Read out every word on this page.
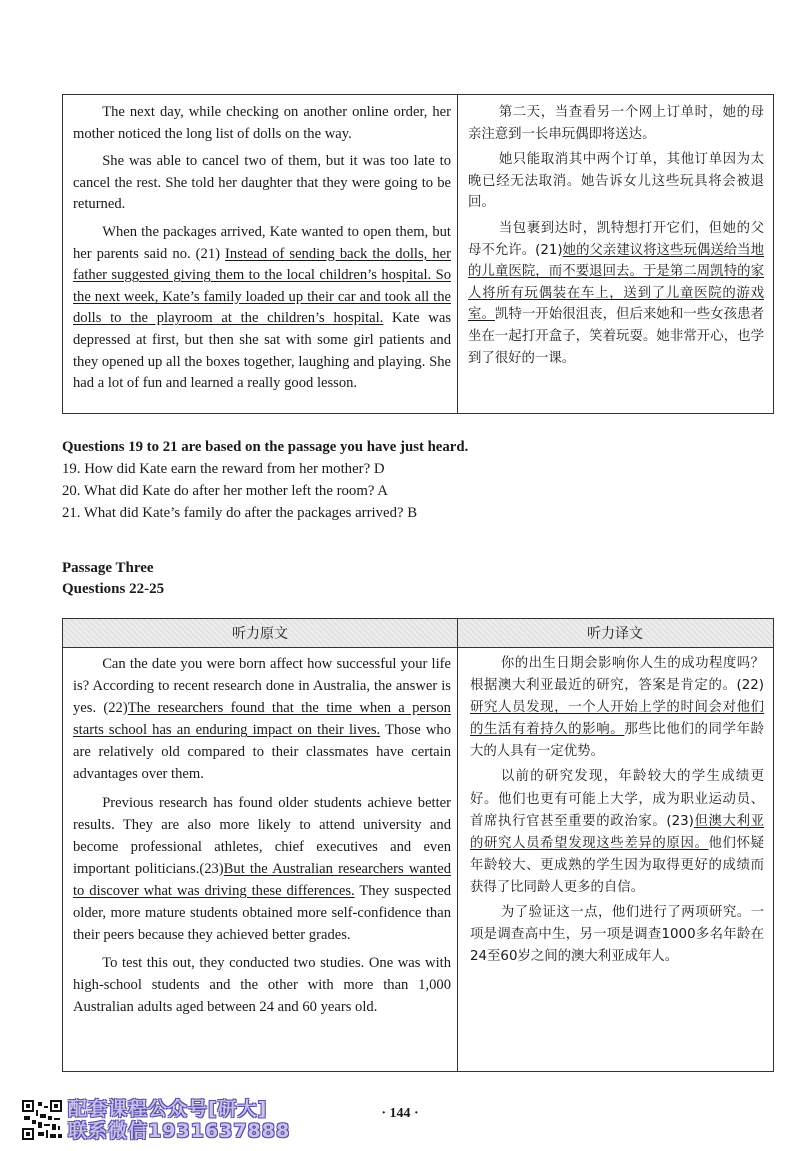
The next day, while checking on another online order, her mother noticed the long list of dolls on the way.

She was able to cancel two of them, but it was too late to cancel the rest. She told her daughter that they were going to be returned.

When the packages arrived, Kate wanted to open them, but her parents said no. (21) Instead of sending back the dolls, her father suggested giving them to the local children’s hospital. So the next week, Kate’s family loaded up their car and took all the dolls to the playroom at the children’s hospital. Kate was depressed at first, but then she sat with some girl patients and they opened up all the boxes together, laughing and playing. She had a lot of fun and learned a really good lesson.

第二天，当查看另一个网上订单时，她的母亲注意到一长串玩偶即将送达。

她只能取消其中两个订单，其他订单因为太晚已经无法取消。她告诉女儿这些玩具将会被退回。

当包裹到达时，凯特想打开它们，但她的父母不允许。(21)她的父亲建议将这些玩偶送给当地的儿童医院，而不要退回去。于是第二周凯特的家人将所有玩偶装在车上，送到了儿童医院的游戏室。凯特一开始很沮丧，但后来她和一些女孩患者坐在一起打开盒子，笑着玩耍。她非常开心，也学到了很好的一课。

Questions 19 to 21 are based on the passage you have just heard.

19. How did Kate earn the reward from her mother? D

20. What did Kate do after her mother left the room? A

21. What did Kate’s family do after the packages arrived? B

Passage Three
Questions 22-25
听力原文	听力译文

Can the date you were born affect how successful your life is? According to recent research done in Australia, the answer is yes. (22)The researchers found that the time when a person starts school has an enduring impact on their lives. Those who are relatively old compared to their classmates have certain advantages over them.

Previous research has found older students achieve better results. They are also more likely to attend university and become professional athletes, chief executives and even important politicians.(23)But the Australian researchers wanted to discover what was driving these differences. They suspected older, more mature students obtained more self-confidence than their peers because they achieved better grades.

To test this out, they conducted two studies. One was with high-school students and the other with more than 1,000 Australian adults aged between 24 and 60 years old.

你的出生日期会影响你人生的成功程度吗？根据澳大利亚最近的研究，答案是肯定的。(22)研究人员发现，一个人开始上学的时间会对他们的生活有着持久的影响。那些比他们的同学年龄大的人具有一定优势。

以前的研究发现，年龄较大的学生成绩更好。他们也更有可能上大学，成为职业运动员、首席执行官甚至重要的政治家。(23)但澳大利亚的研究人员希望发现这些差异的原因。他们怀疑年龄较大、更成熟的学生因为取得更好的成绩而获得了比同龄人更多的自信。

为了验证这一点，他们进行了两项研究。一项是调查高中生，另一项是调查1000多名年龄在24至60岁之间的澳大利亚成年人。

配套课程公众号[研大]
联系微信1931637888
· 144 ·
